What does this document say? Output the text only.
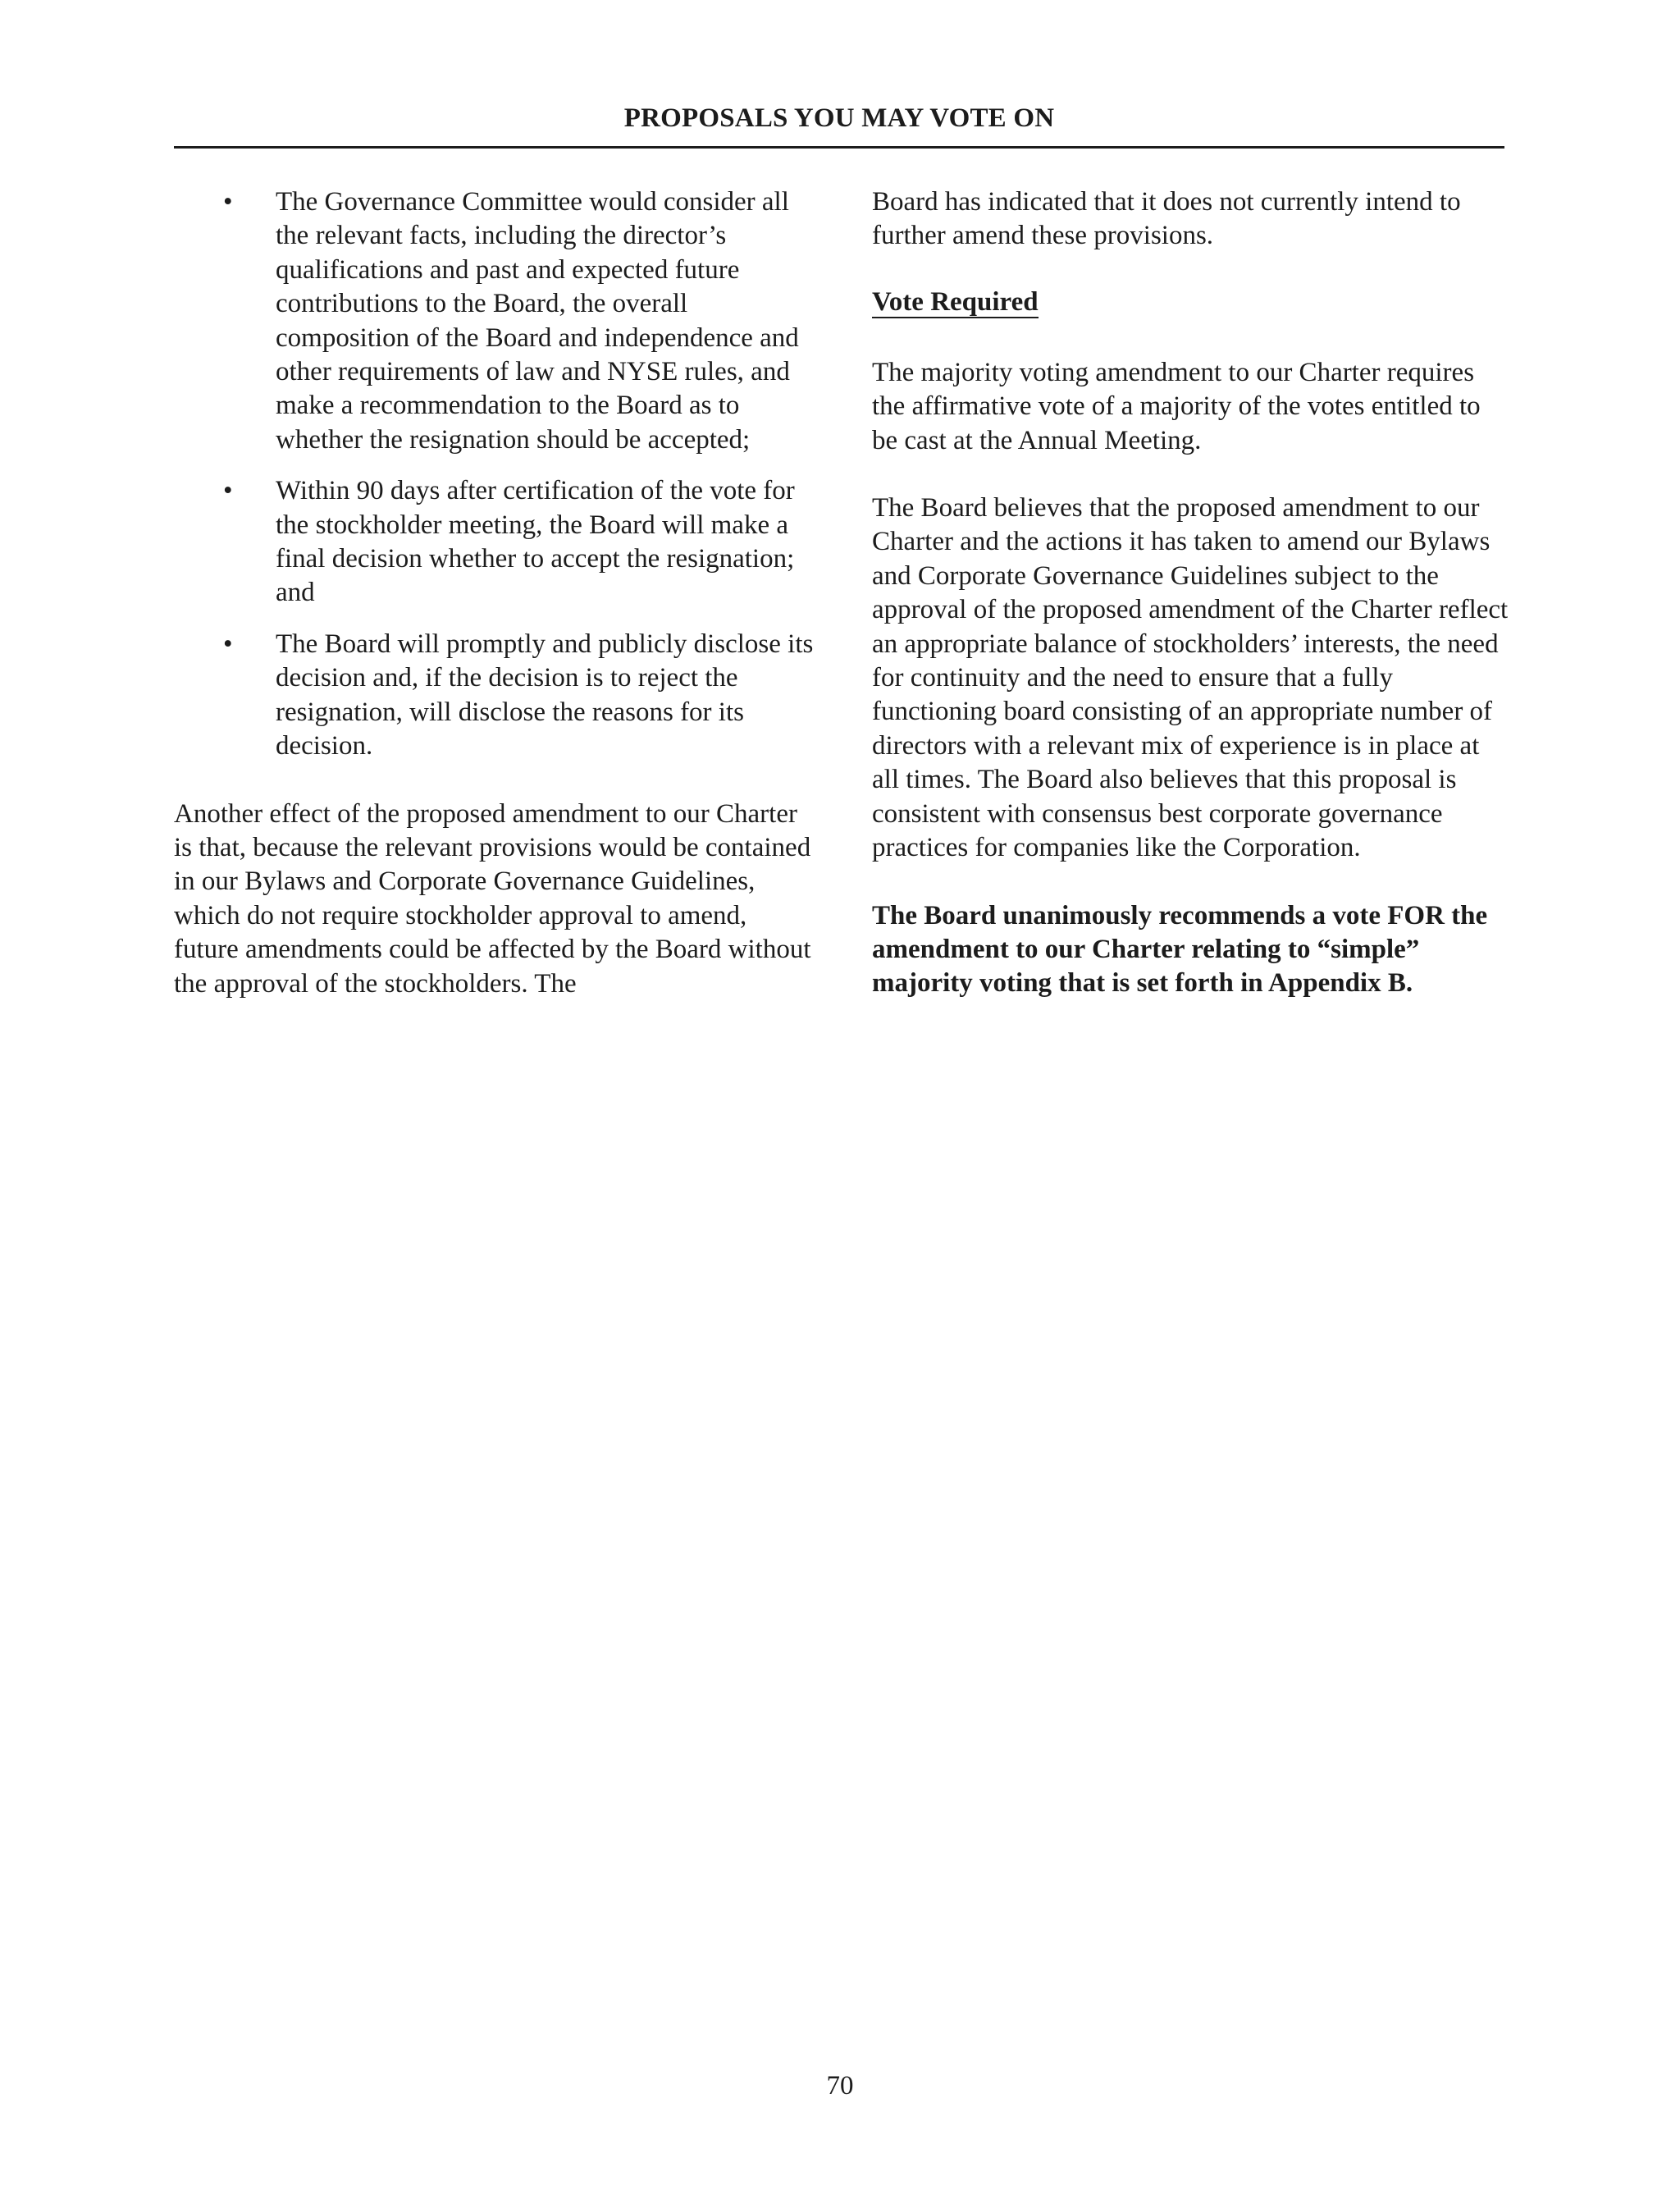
PROPOSALS YOU MAY VOTE ON
• The Governance Committee would consider all the relevant facts, including the director’s qualifications and past and expected future contributions to the Board, the overall composition of the Board and independence and other requirements of law and NYSE rules, and make a recommendation to the Board as to whether the resignation should be accepted;
• Within 90 days after certification of the vote for the stockholder meeting, the Board will make a final decision whether to accept the resignation; and
• The Board will promptly and publicly disclose its decision and, if the decision is to reject the resignation, will disclose the reasons for its decision.

Another effect of the proposed amendment to our Charter is that, because the relevant provisions would be contained in our Bylaws and Corporate Governance Guidelines, which do not require stockholder approval to amend, future amendments could be affected by the Board without the approval of the stockholders. The

Board has indicated that it does not currently intend to further amend these provisions.

Vote Required

The majority voting amendment to our Charter requires the affirmative vote of a majority of the votes entitled to be cast at the Annual Meeting.

The Board believes that the proposed amendment to our Charter and the actions it has taken to amend our Bylaws and Corporate Governance Guidelines subject to the approval of the proposed amendment of the Charter reflect an appropriate balance of stockholders’ interests, the need for continuity and the need to ensure that a fully functioning board consisting of an appropriate number of directors with a relevant mix of experience is in place at all times. The Board also believes that this proposal is consistent with consensus best corporate governance practices for companies like the Corporation.

The Board unanimously recommends a vote FOR the amendment to our Charter relating to “simple” majority voting that is set forth in Appendix B.

70
